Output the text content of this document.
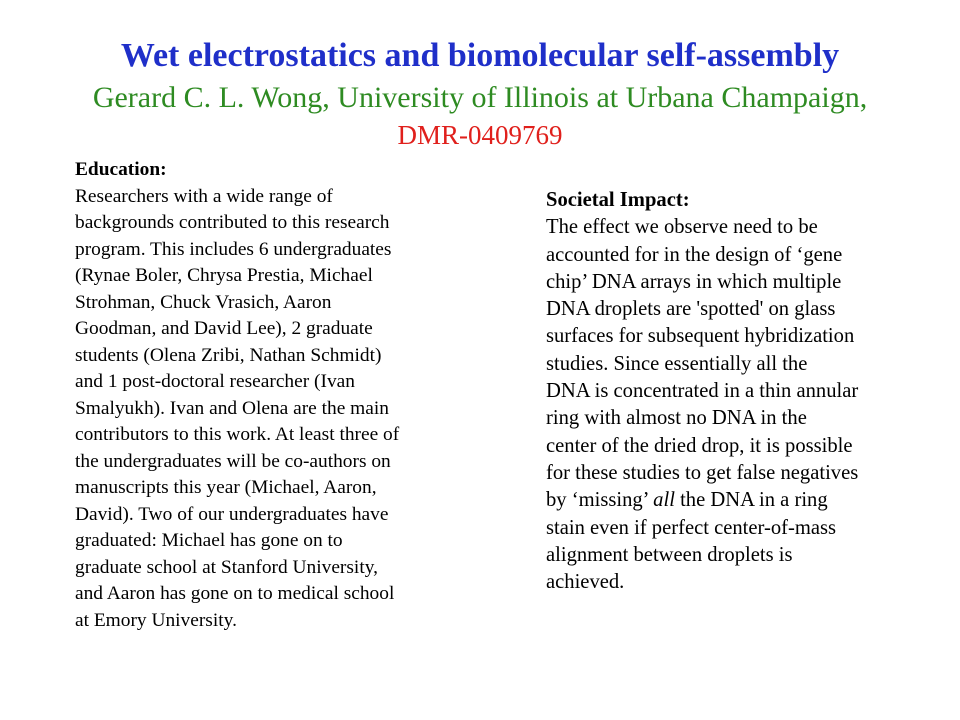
Wet electrostatics and biomolecular self-assembly
Gerard C. L. Wong, University of Illinois at Urbana Champaign,
DMR-0409769
Education:
Researchers with a wide range of
backgrounds contributed to this research
program. This includes 6 undergraduates
(Rynae Boler, Chrysa Prestia, Michael
Strohman, Chuck Vrasich, Aaron
Goodman, and David Lee), 2 graduate
students (Olena Zribi, Nathan Schmidt)
and 1 post-doctoral researcher (Ivan
Smalyukh). Ivan and Olena are the main
contributors to this work. At least three of
the undergraduates will be co-authors on
manuscripts this year (Michael, Aaron,
David). Two of our undergraduates have
graduated: Michael has gone on to
graduate school at Stanford University,
and Aaron has gone on to medical school
at Emory University.
Societal Impact:
The effect we observe need to be
accounted for in the design of ‘gene
chip’ DNA arrays in which multiple
DNA droplets are 'spotted' on glass
surfaces for subsequent hybridization
studies. Since essentially all the
DNA is concentrated in a thin annular
ring with almost no DNA in the
center of the dried drop, it is possible
for these studies to get false negatives
by ‘missing’ all the DNA in a ring
stain even if perfect center-of-mass
alignment between droplets is
achieved.
